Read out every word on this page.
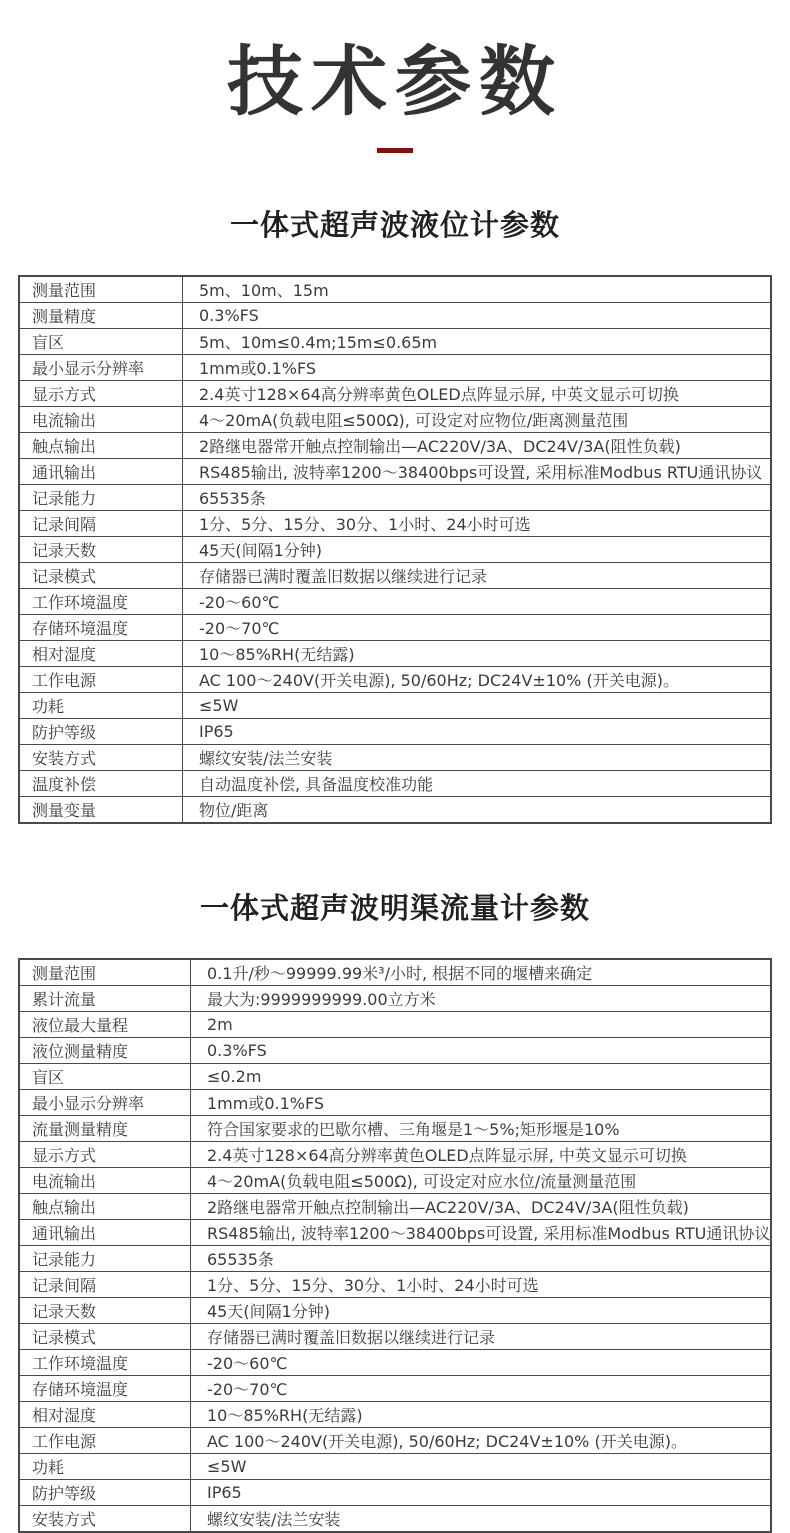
技术参数
一体式超声波液位计参数
测量范围	5m、10m、15m
测量精度	0.3%FS
盲区	5m、10m≤0.4m;15m≤0.65m
最小显示分辨率	1mm或0.1%FS
显示方式	2.4英寸128×64高分辨率黄色OLED点阵显示屏, 中英文显示可切换
电流输出	4～20mA(负载电阻≤500Ω), 可设定对应物位/距离测量范围
触点输出	2路继电器常开触点控制输出—AC220V/3A、DC24V/3A(阻性负载)
通讯输出	RS485输出, 波特率1200～38400bps可设置, 采用标准Modbus RTU通讯协议
记录能力	65535条
记录间隔	1分、5分、15分、30分、1小时、24小时可选
记录天数	45天(间隔1分钟)
记录模式	存储器已满时覆盖旧数据以继续进行记录
工作环境温度	-20～60℃
存储环境温度	-20～70℃
相对湿度	10～85%RH(无结露)
工作电源	AC 100～240V(开关电源), 50/60Hz; DC24V±10% (开关电源)。
功耗	≤5W
防护等级	IP65
安装方式	螺纹安装/法兰安装
温度补偿	自动温度补偿, 具备温度校准功能
测量变量	物位/距离
一体式超声波明渠流量计参数
测量范围	0.1升/秒～99999.99米³/小时, 根据不同的堰槽来确定
累计流量	最大为:9999999999.00立方米
液位最大量程	2m
液位测量精度	0.3%FS
盲区	≤0.2m
最小显示分辨率	1mm或0.1%FS
流量测量精度	符合国家要求的巴歇尔槽、三角堰是1～5%;矩形堰是10%
显示方式	2.4英寸128×64高分辨率黄色OLED点阵显示屏, 中英文显示可切换
电流输出	4～20mA(负载电阻≤500Ω), 可设定对应水位/流量测量范围
触点输出	2路继电器常开触点控制输出—AC220V/3A、DC24V/3A(阻性负载)
通讯输出	RS485输出, 波特率1200～38400bps可设置, 采用标准Modbus RTU通讯协议
记录能力	65535条
记录间隔	1分、5分、15分、30分、1小时、24小时可选
记录天数	45天(间隔1分钟)
记录模式	存储器已满时覆盖旧数据以继续进行记录
工作环境温度	-20～60℃
存储环境温度	-20～70℃
相对湿度	10～85%RH(无结露)
工作电源	AC 100～240V(开关电源), 50/60Hz; DC24V±10% (开关电源)。
功耗	≤5W
防护等级	IP65
安装方式	螺纹安装/法兰安装
